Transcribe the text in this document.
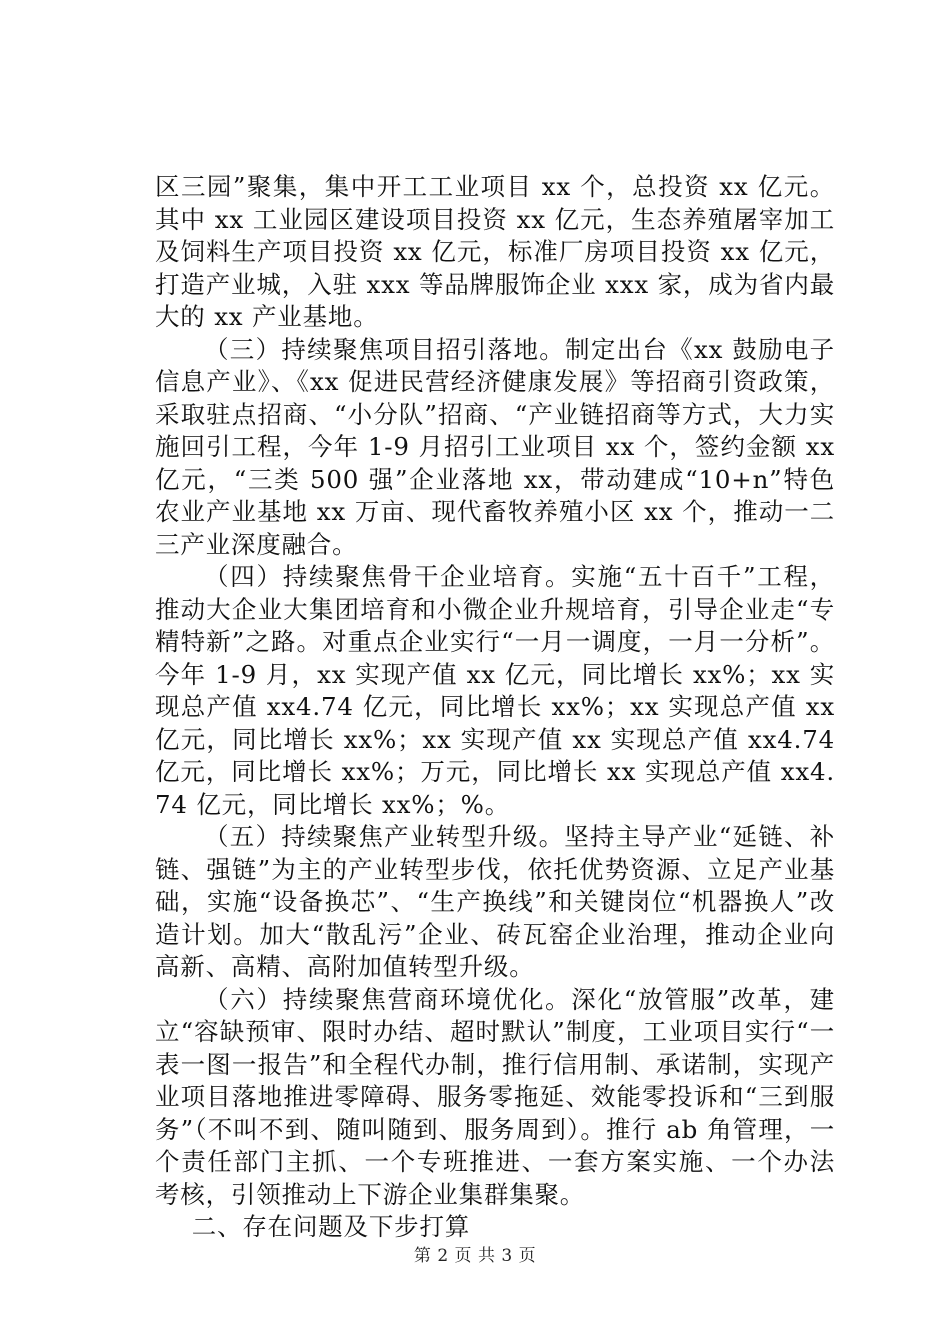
区三园”聚集，集中开工工业项目 xx 个，总投资 xx 亿元。其中 xx 工业园区建设项目投资 xx 亿元，生态养殖屠宰加工及饲料生产项目投资 xx 亿元，标准厂房项目投资 xx 亿元，打造产业城，入驻 xxx 等品牌服饰企业 xxx 家，成为省内最大的 xx 产业基地。

（三）持续聚焦项目招引落地。制定出台《xx 鼓励电子信息产业》、《xx 促进民营经济健康发展》等招商引资政策，采取驻点招商、“小分队”招商、“产业链招商等方式，大力实施回引工程，今年 1-9 月招引工业项目 xx 个，签约金额 xx 亿元，“三类 500 强”企业落地 xx，带动建成“10+n”特色农业产业基地 xx 万亩、现代畜牧养殖小区 xx 个，推动一二三产业深度融合。

（四）持续聚焦骨干企业培育。实施“五十百千”工程，推动大企业大集团培育和小微企业升规培育，引导企业走“专精特新”之路。对重点企业实行“一月一调度，一月一分析”。今年 1-9 月，xx 实现产值 xx 亿元，同比增长 xx%；xx 实现总产值 xx4.74 亿元，同比增长 xx%；xx 实现总产值 xx 亿元，同比增长 xx%；xx 实现产值 xx 实现总产值 xx4.74 亿元，同比增长 xx%；万元，同比增长 xx 实现总产值 xx4.74 亿元，同比增长 xx%；%。

（五）持续聚焦产业转型升级。坚持主导产业“延链、补链、强链”为主的产业转型步伐，依托优势资源、立足产业基础，实施“设备换芯”、“生产换线”和关键岗位“机器换人”改造计划。加大“散乱污”企业、砖瓦窑企业治理，推动企业向高新、高精、高附加值转型升级。

（六）持续聚焦营商环境优化。深化“放管服”改革，建立“容缺预审、限时办结、超时默认”制度，工业项目实行“一表一图一报告”和全程代办制，推行信用制、承诺制，实现产业项目落地推进零障碍、服务零拖延、效能零投诉和“三到服务”（不叫不到、随叫随到、服务周到）。推行 ab 角管理，一个责任部门主抓、一个专班推进、一套方案实施、一个办法考核，引领推动上下游企业集群集聚。

二、存在问题及下步打算

第 2 页 共 3 页
